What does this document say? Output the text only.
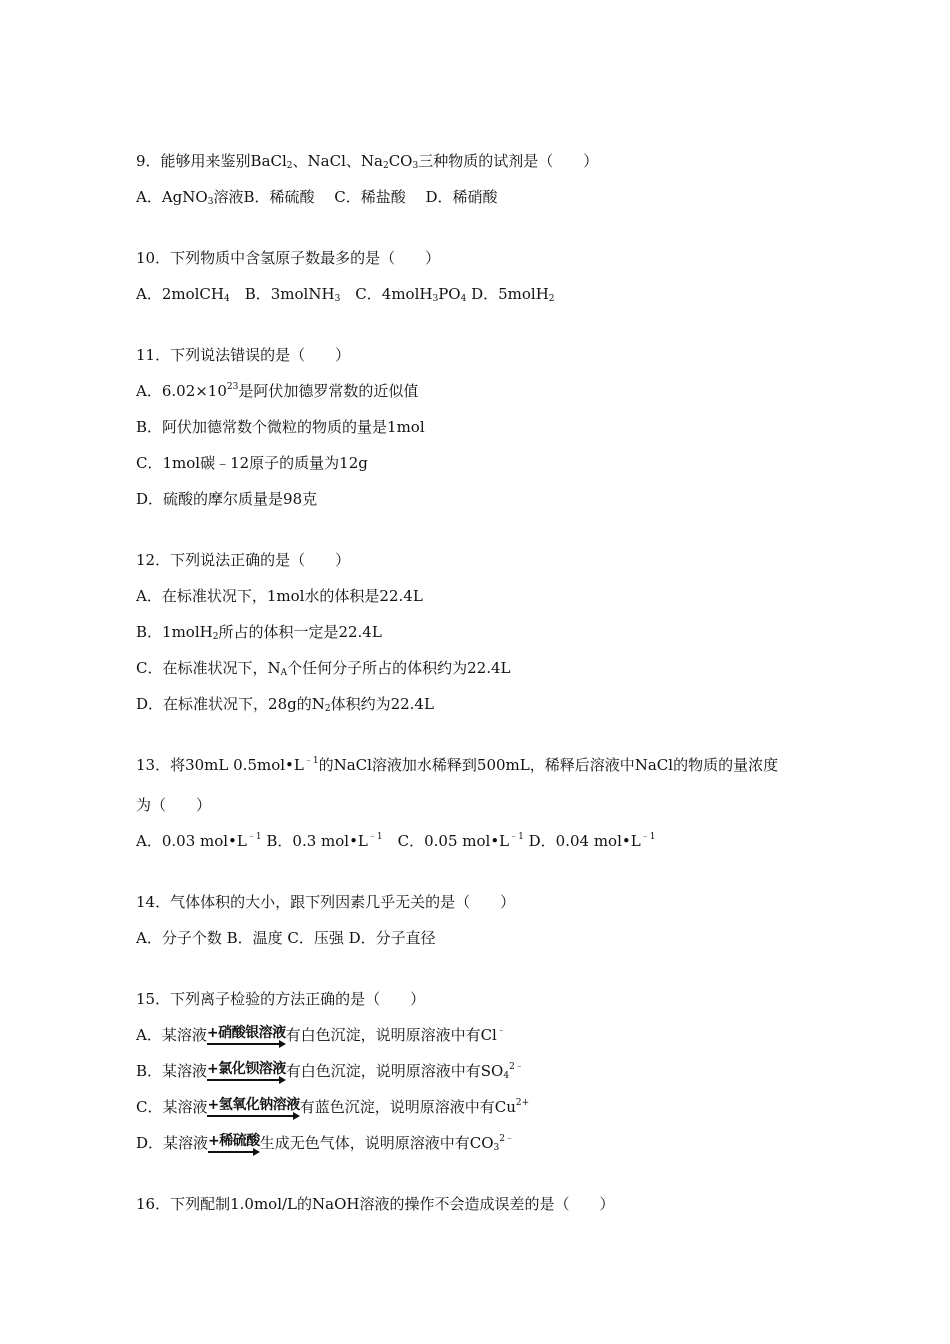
9．能够用来鉴别BaCl$_2$、NaCl、$Na_2CO_3$三种物质的试剂是（　　）
A．AgNO$_3$溶液B．稀硫酸　 C．稀盐酸　 D．稀硝酸
10．下列物质中含氢原子数最多的是（　　）
A．2molCH$_4$　B．3molNH$_3$　C．$4molH_3PO_4$ D．5molH$_2$
11．下列说法错误的是（　　）
A．$6.02\times 10^{23}$是阿伏加德罗常数的近似值
B．阿伏加德常数个微粒的物质的量是1mol
C．1mol碳﹣12原子的质量为12g
D．硫酸的摩尔质量是98克
12．下列说法正确的是（　　）
A．在标准状况下，1mol水的体积是22.4L
B．1molH$_2$所占的体积一定是22.4L
C．在标准状况下，$N_A$个任何分子所占的体积约为22.4L
D．在标准状况下，28g的$N_2$体积约为22.4L
13．将30mL $0.5mol•L^{﹣1}$的NaCl溶液加水稀释到500mL，稀释后溶液中NaCl的物质的量浓度
为（　　）
A．0.03 $mol•L^{﹣1}$ B．0.3 $mol•L^{﹣1}$　C．0.05 $mol•L^{﹣1}$ D．0.04 $mol•L^{﹣1}$
14．气体体积的大小，跟下列因素几乎无关的是（　　）
A．分子个数 B．温度 C．压强 D．分子直径
15．下列离子检验的方法正确的是（　　）
A．某溶液 +硝酸银溶液 有白色沉淀，说明原溶液中有Cl﹣
B．某溶液 +氯化钡溶液 有白色沉淀，说明原溶液中有$SO_4^{2﹣}$
C．某溶液 +氢氧化钠溶液 有蓝色沉淀，说明原溶液中有$Cu^{2+}$
D．某溶液 +稀硫酸 生成无色气体，说明原溶液中有$CO_3^{2﹣}$
16．下列配制1.0mol/L的NaOH溶液的操作不会造成误差的是（　　）
